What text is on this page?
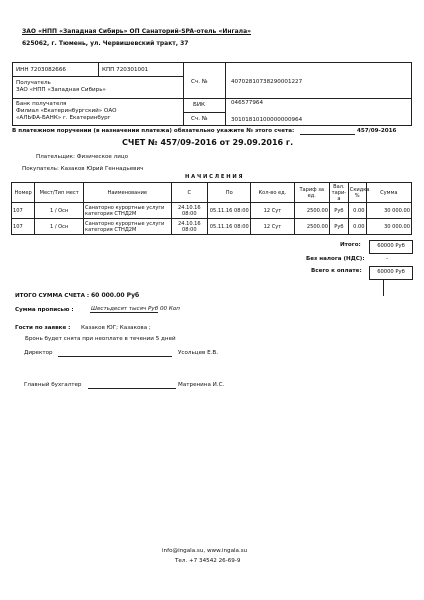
ЗАО «НПП «Западная Сибирь» ОП Санаторий-SPA-отель «Ингала»
625062, г. Тюмень, ул. Червишевский тракт, 37
ИНН 7203082666	КПП 720301001
Получатель
ЗАО «НПП «Западная Сибирь»
Сч. №	40702810738290001227
Банк получателя
Филиал «Екатеринбургский» ОАО
«АЛЬФА-БАНК» г. Екатеринбург
БИК	046577964
Сч. №	30101810100000000964
В платежном поручении (в назначении платежа) обязательно укажите № этого счета:	457/09-2016
СЧЕТ № 457/09-2016 от 29.09.2016 г.
Плательщик: Физическое лицо
Покупатель: Казаков Юрий Геннадьевич
Н А Ч И С Л Е Н И Я
Номер	Мест/Тип мест	Наименование	С	По	Кол-во ед.	Тариф за ед.	Вал. тари-а	Скидка %	Сумма
107	1 / Осн	Санаторно курортные услуги категория СТНД2М	24.10.16 08:00	05.11.16 08:00	12 Сут	2500.00	Руб	0.00	30 000.00
107	1 / Осн	Санаторно курортные услуги категория СТНД2М	24.10.16 08:00	05.11.16 08:00	12 Сут	2500.00	Руб	0.00	30 000.00
Итого:	60000 Руб
Без налога (НДС):	-
Всего к оплате:	60000 Руб
ИТОГО СУММА СЧЕТА : 60 000.00 Руб
Сумма прописью :	Шестьдесят тысяч Руб 00 Коп
Гости по заявке : Казаков ЮГ; Казакова ;
Бронь будет снята при неоплате в течении 5 дней
Директор	Усольцев Е.В.
Главный бухгалтер	Матренина И.С.
info@ingala.su, www.ingala.su
Тел. +7 34542 26-69-9
